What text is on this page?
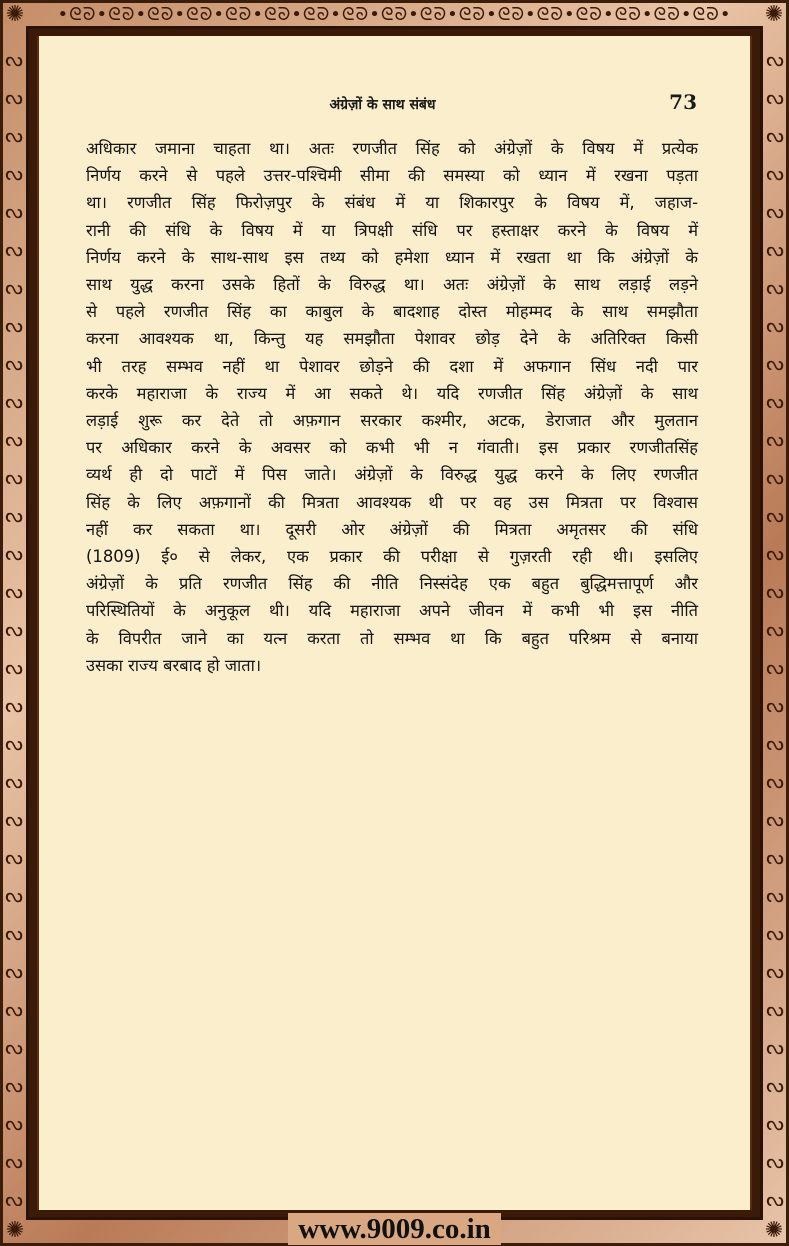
•ᘓᘐ•ᘓᘐ•ᘓᘐ•ᘓᘐ•ᘓᘐ•ᘓᘐ•ᘓᘐ•ᘓᘐ•ᘓᘐ•ᘓᘐ•ᘓᘐ•ᘓᘐ•ᘓᘐ•ᘓᘐ•ᘓᘐ•ᘓᘐ•ᘓᘐ•
ᔓ
ᔓ
ᔓ
ᔓ
ᔓ
ᔓ
ᔓ
ᔓ
ᔓ
ᔓ
ᔓ
ᔓ
ᔓ
ᔓ
ᔓ
ᔓ
ᔓ
ᔓ
ᔓ
ᔓ
ᔓ
ᔓ
ᔓ
ᔓ
ᔓ
ᔓ
ᔓ
ᔓ
ᔓ
ᔓ
ᔓ
ᔓ
ᔓ
ᔓ
ᔓ
ᔓ
ᔓ
ᔓ
ᔓ
ᔓ
ᔓ
ᔓ
ᔓ
ᔓ
ᔓ
ᔓ
ᔓ
ᔓ
ᔓ
ᔓ
ᔓ
ᔓ
ᔓ
ᔓ
ᔓ
ᔓ
ᔓ
ᔓ
ᔓ
ᔓ
ᔓ
ᔓ
✺	✺
✺	✺
अंग्रेज़ों के साथ संबंध	73

अधिकार जमाना चाहता था। अतः रणजीत सिंह को अंग्रेज़ों के विषय में प्रत्येक

निर्णय करने से पहले उत्तर-पश्चिमी सीमा की समस्या को ध्यान में रखना पड़ता

था। रणजीत सिंह फिरोज़पुर के संबंध में या शिकारपुर के विषय में, जहाज-

रानी की संधि के विषय में या त्रिपक्षी संधि पर हस्ताक्षर करने के विषय में

निर्णय करने के साथ-साथ इस तथ्य को हमेशा ध्यान में रखता था कि अंग्रेज़ों के

साथ युद्ध करना उसके हितों के विरुद्ध था। अतः अंग्रेज़ों के साथ लड़ाई लड़ने

से पहले रणजीत सिंह का काबुल के बादशाह दोस्त मोहम्मद के साथ समझौता

करना आवश्यक था, किन्तु यह समझौता पेशावर छोड़ देने के अतिरिक्त किसी

भी तरह सम्भव नहीं था पेशावर छोड़ने की दशा में अफगान सिंध नदी पार

करके महाराजा के राज्य में आ सकते थे। यदि रणजीत सिंह अंग्रेज़ों के साथ

लड़ाई शुरू कर देते तो अफ़गान सरकार कश्मीर, अटक, डेराजात और मुलतान

पर अधिकार करने के अवसर को कभी भी न गंवाती। इस प्रकार रणजीतसिंह

व्यर्थ ही दो पाटों में पिस जाते। अंग्रेज़ों के विरुद्ध युद्ध करने के लिए रणजीत

सिंह के लिए अफ़गानों की मित्रता आवश्यक थी पर वह उस मित्रता पर विश्वास

नहीं कर सकता था। दूसरी ओर अंग्रेज़ों की मित्रता अमृतसर की संधि

(1809) ई० से लेकर, एक प्रकार की परीक्षा से गुज़रती रही थी। इसलिए

अंग्रेज़ों के प्रति रणजीत सिंह की नीति निस्संदेह एक बहुत बुद्धिमत्तापूर्ण और

परिस्थितियों के अनुकूल थी। यदि महाराजा अपने जीवन में कभी भी इस नीति

के विपरीत जाने का यत्न करता तो सम्भव था कि बहुत परिश्रम से बनाया

उसका राज्य बरबाद हो जाता।

www.9009.co.in
